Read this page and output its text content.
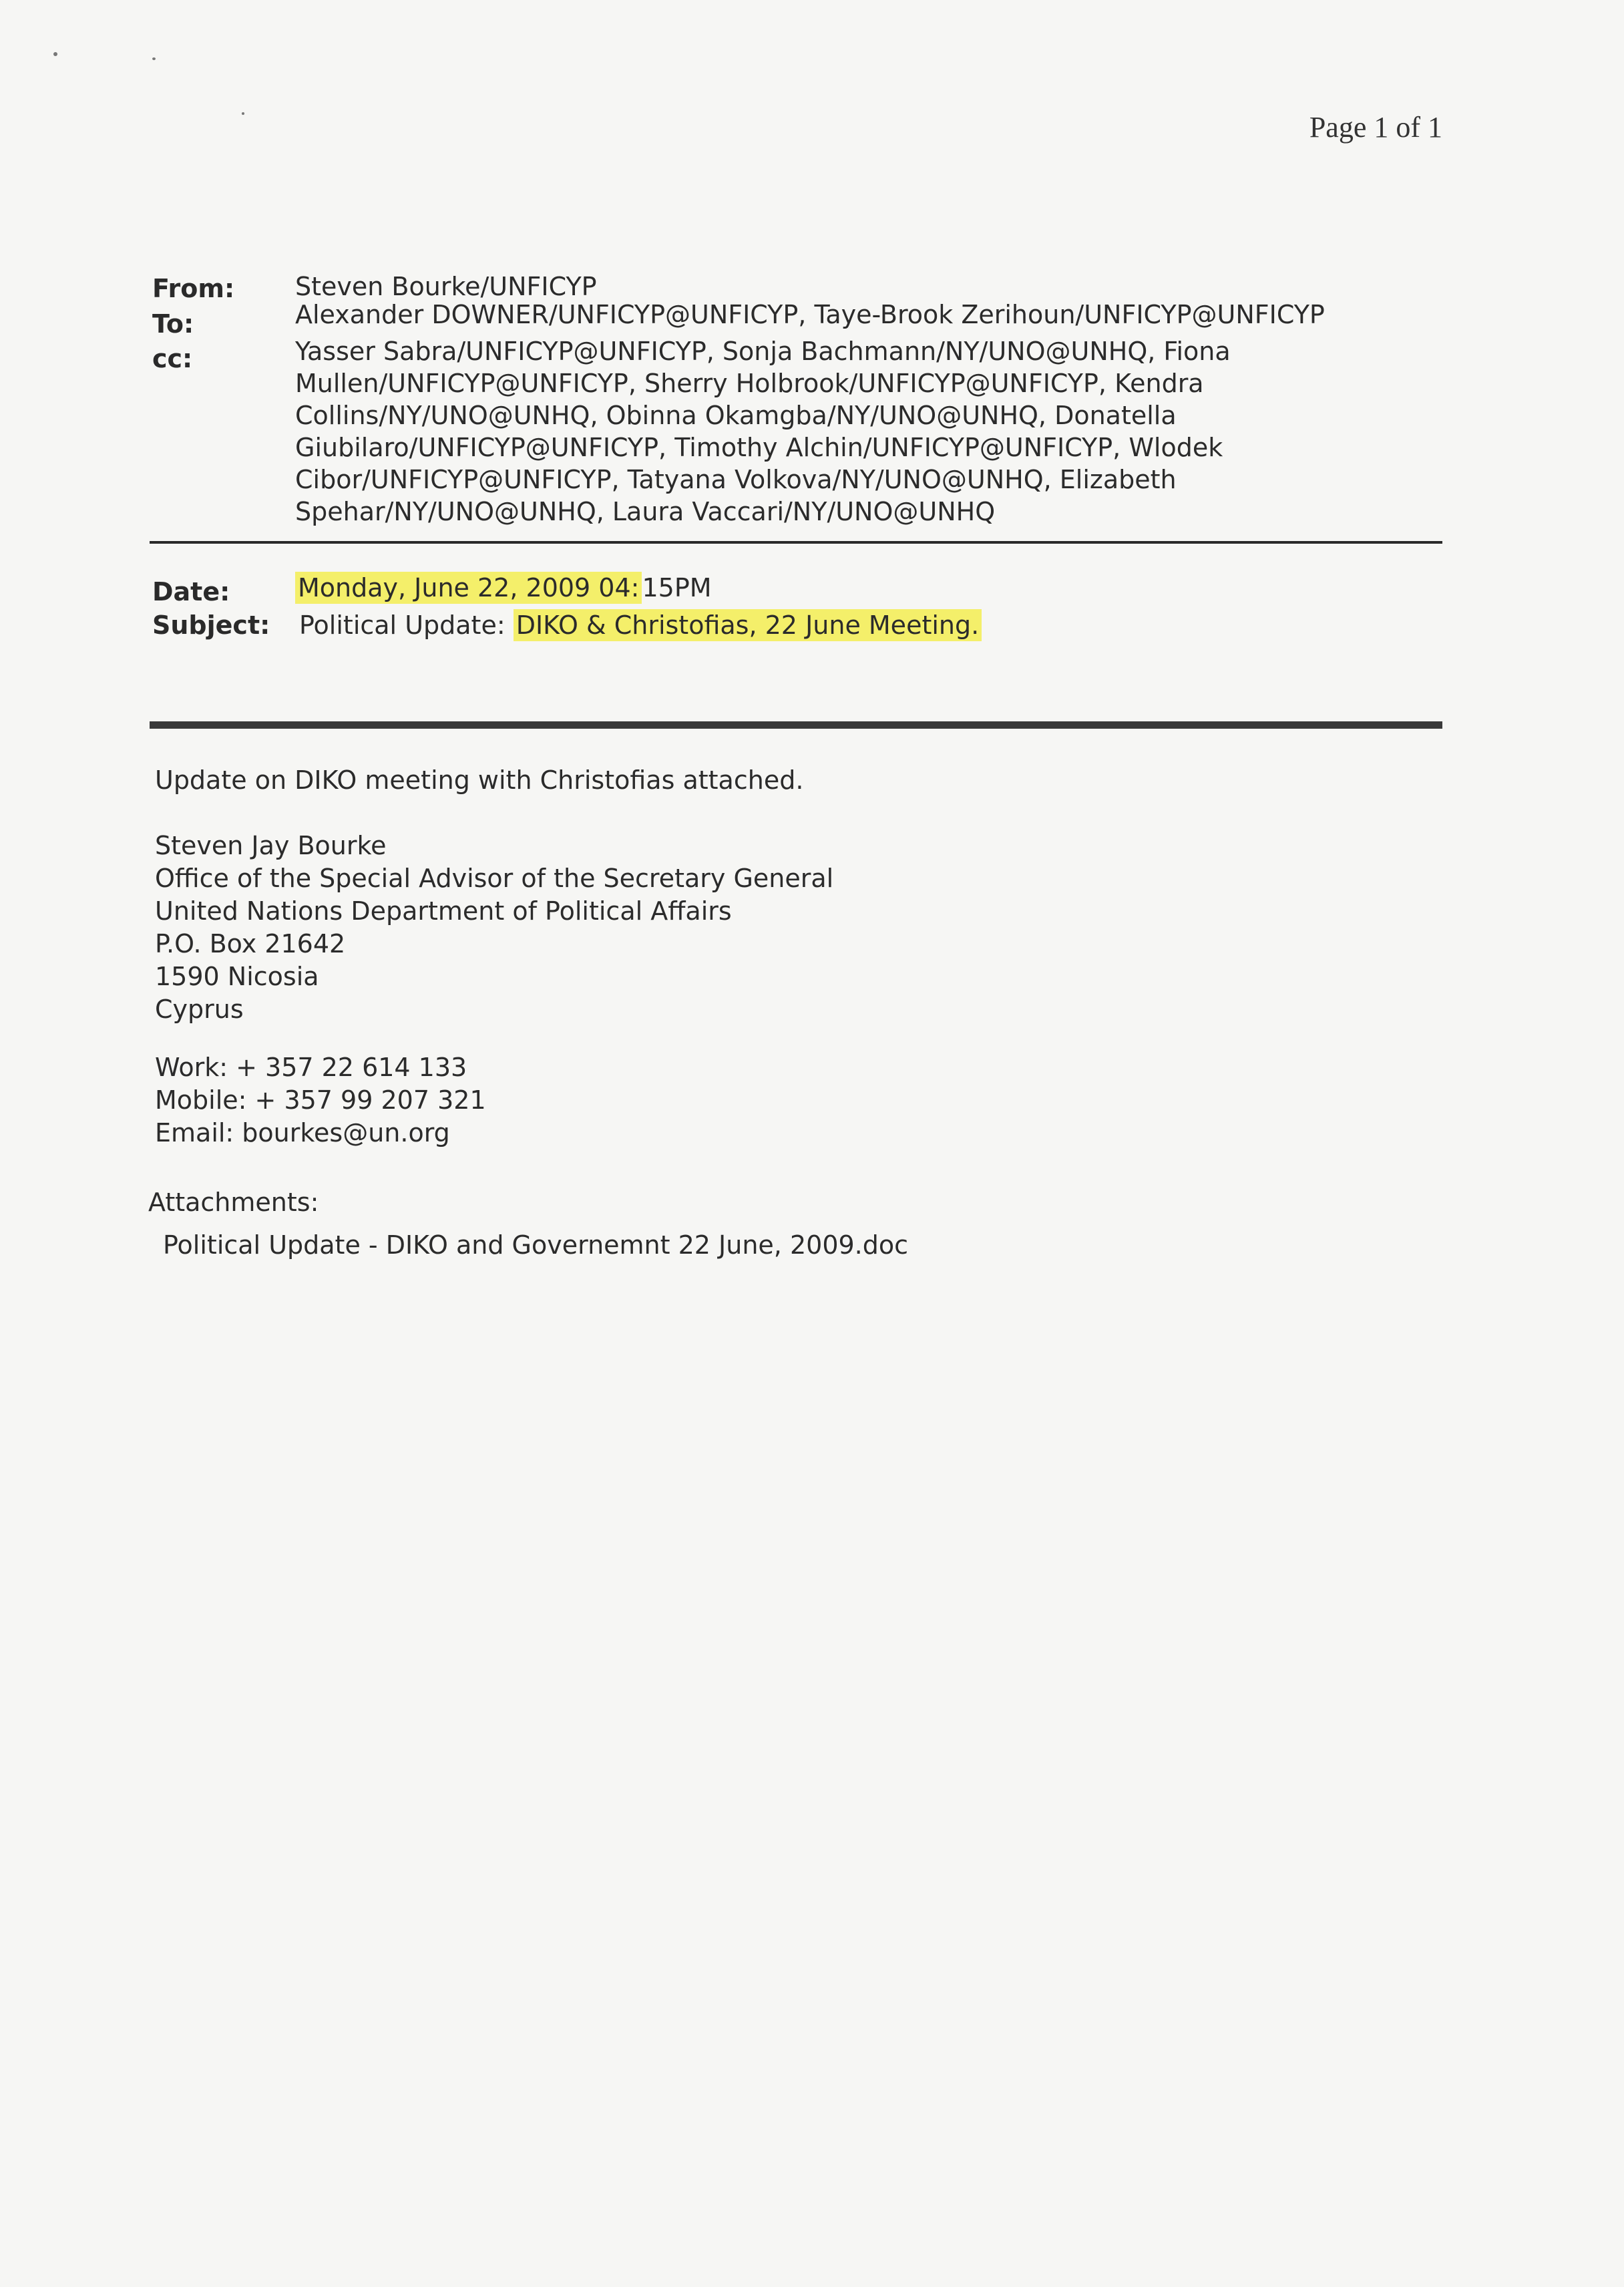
Page 1 of 1
From: Steven Bourke/UNFICYP
To:	Alexander DOWNER/UNFICYP@UNFICYP, Taye-Brook Zerihoun/UNFICYP@UNFICYP
cc:	Yasser Sabra/UNFICYP@UNFICYP, Sonja Bachmann/NY/UNO@UNHQ, Fiona
Mullen/UNFICYP@UNFICYP, Sherry Holbrook/UNFICYP@UNFICYP, Kendra
Collins/NY/UNO@UNHQ, Obinna Okamgba/NY/UNO@UNHQ, Donatella
Giubilaro/UNFICYP@UNFICYP, Timothy Alchin/UNFICYP@UNFICYP, Wlodek
Cibor/UNFICYP@UNFICYP, Tatyana Volkova/NY/UNO@UNHQ, Elizabeth
Spehar/NY/UNO@UNHQ, Laura Vaccari/NY/UNO@UNHQ
Date:	Monday, June 22, 2009 04: 15PM
Subject: Political Update: DIKO & Christofias, 22 June Meeting.
Update on DIKO meeting with Christofias attached.
Steven Jay Bourke
Office of the Special Advisor of the Secretary General
United Nations Department of Political Affairs
P.O. Box 21642
1590 Nicosia
Cyprus
Work: + 357 22 614 133
Mobile: + 357 99 207 321
Email: bourkes@un.org
Attachments:
Political Update - DIKO and Governemnt 22 June, 2009.doc
